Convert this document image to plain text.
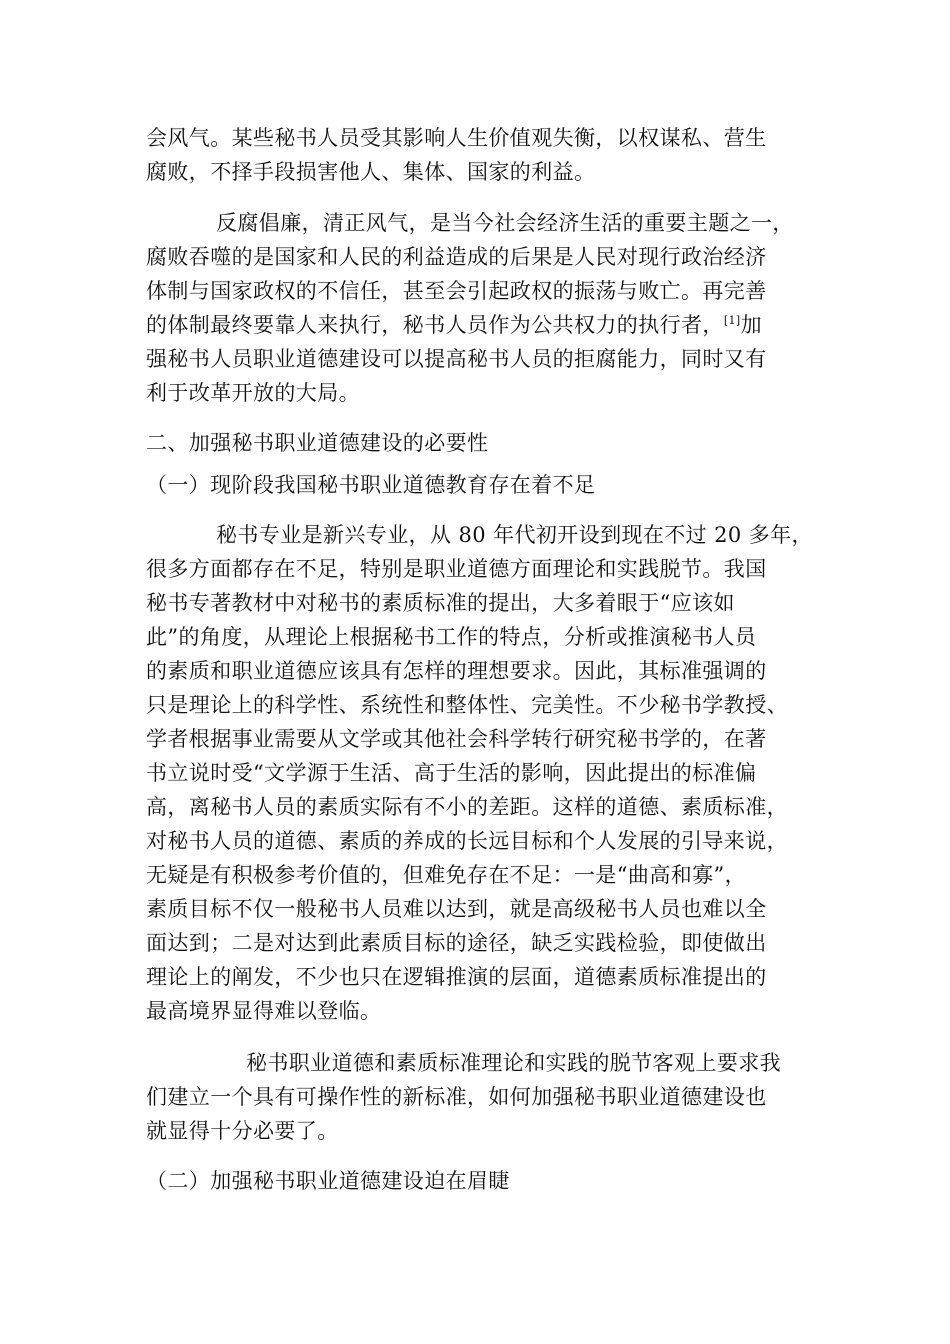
会风气。某些秘书人员受其影响人生价值观失衡，以权谋私、营生
腐败，不择手段损害他人、集体、国家的利益。
反腐倡廉，清正风气，是当今社会经济生活的重要主题之一，
腐败吞噬的是国家和人民的利益造成的后果是人民对现行政治经济
体制与国家政权的不信任，甚至会引起政权的振荡与败亡。再完善
的体制最终要靠人来执行，秘书人员作为公共权力的执行者，[1]加
强秘书人员职业道德建设可以提高秘书人员的拒腐能力，同时又有
利于改革开放的大局。
二、加强秘书职业道德建设的必要性
（一）现阶段我国秘书职业道德教育存在着不足
秘书专业是新兴专业，从 80 年代初开设到现在不过 20 多年，
很多方面都存在不足，特别是职业道德方面理论和实践脱节。我国
秘书专著教材中对秘书的素质标准的提出，大多着眼于“应该如
此”的角度，从理论上根据秘书工作的特点，分析或推演秘书人员
的素质和职业道德应该具有怎样的理想要求。因此，其标准强调的
只是理论上的科学性、系统性和整体性、完美性。不少秘书学教授、
学者根据事业需要从文学或其他社会科学转行研究秘书学的，在著
书立说时受“文学源于生活、高于生活的影响，因此提出的标准偏
高，离秘书人员的素质实际有不小的差距。这样的道德、素质标准，
对秘书人员的道德、素质的养成的长远目标和个人发展的引导来说，
无疑是有积极参考价值的，但难免存在不足：一是“曲高和寡”，
素质目标不仅一般秘书人员难以达到，就是高级秘书人员也难以全
面达到；二是对达到此素质目标的途径，缺乏实践检验，即使做出
理论上的阐发，不少也只在逻辑推演的层面，道德素质标准提出的
最高境界显得难以登临。
秘书职业道德和素质标准理论和实践的脱节客观上要求我
们建立一个具有可操作性的新标准，如何加强秘书职业道德建设也
就显得十分必要了。
（二）加强秘书职业道德建设迫在眉睫
